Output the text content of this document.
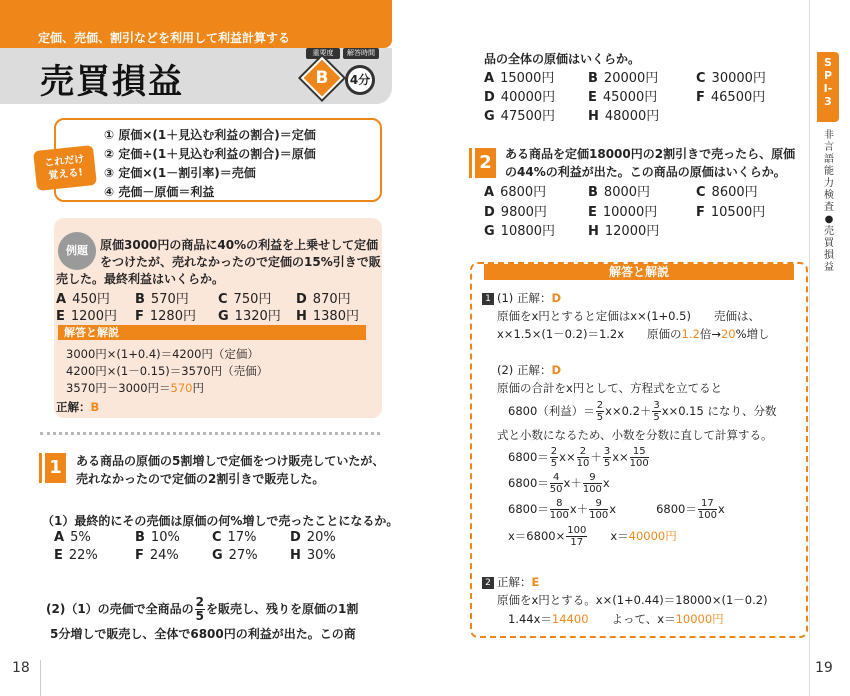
定価、売価、割引などを利用して利益計算する
売買損益
重要度	解答時間
B	4分
これだけ
覚える!
① 原価×(1＋見込む利益の割合)＝定価
② 定価÷(1＋見込む利益の割合)＝原価
③ 定価×(1－割引率)＝売価
④ 売価－原価＝利益
例題	原価3000円の商品に40%の利益を上乗せして定価
をつけたが、売れなかったので定価の15%引きで販
売した。最終利益はいくらか。
A 450円 B 570円 C 750円 D 870円
E 1200円 F 1280円 G 1320円 H 1380円
解答と解説
3000円×(1+0.4)＝4200円（定価）
4200円×(1－0.15)＝3570円（売価）
3570円－3000円＝570円
正解：B
1	ある商品の原価の5割増しで定価をつけ販売していたが、
売れなかったので定価の2割引きで販売した。
（1）最終的にその売価は原価の何%増しで売ったことになるか。
A 5%	B 10% C 17%	D 20%
E 22%	F 24%	G 27% H 30%
(2)（1）の売価で全商品の $\frac{2}{5}$ を販売し、残りを原価の1割
5分増しで販売し、全体で6800円の利益が出た。この商
18
品の全体の原価はいくらか。
A 15000円	B 20000円	C 30000円
D 40000円	E 45000円	F 46500円
G 47500円	H 48000円
2	ある商品を定価18000円の2割引きで売ったら、原価
の44%の利益が出た。この商品の原価はいくらか。
A 6800円	B 8000円	C 8600円
D 9800円	E 10000円	F 10500円
G 10800円	H 12000円
解答と解説
1 (1) 正解：D
原価をx円とすると定価はx×(1+0.5)　　売価は、
x×1.5×(1－0.2)＝1.2x　　原価の1.2倍→20%増し
(2) 正解：D
原価の合計をx円として、方程式を立てると
6800（利益）＝ $\frac{2}{5} x\times 0.2+ \frac{3}{5} x\times 0.15$ になり、分数
式と小数になるため、小数を分数に直して計算する。
$6800= \frac{2}{5} x\times \frac{2}{10} + \frac{3}{5} x\times \frac{15}{100}$
$6800= \frac{4}{50} x+ \frac{9}{100}$ x
$6800= \frac{8}{100} x+ \frac{9}{100}$ x	$6800= \frac{17}{100}$ x
$x=6800\times \frac{100}{17} x=40000$円
2 正解：E
原価をx円とする。x×(1+0.44)＝18000×(1－0.2)
1.44x＝14400　　よって、x＝10000円
SPI-3
非言語能力検査●売買損益
19
